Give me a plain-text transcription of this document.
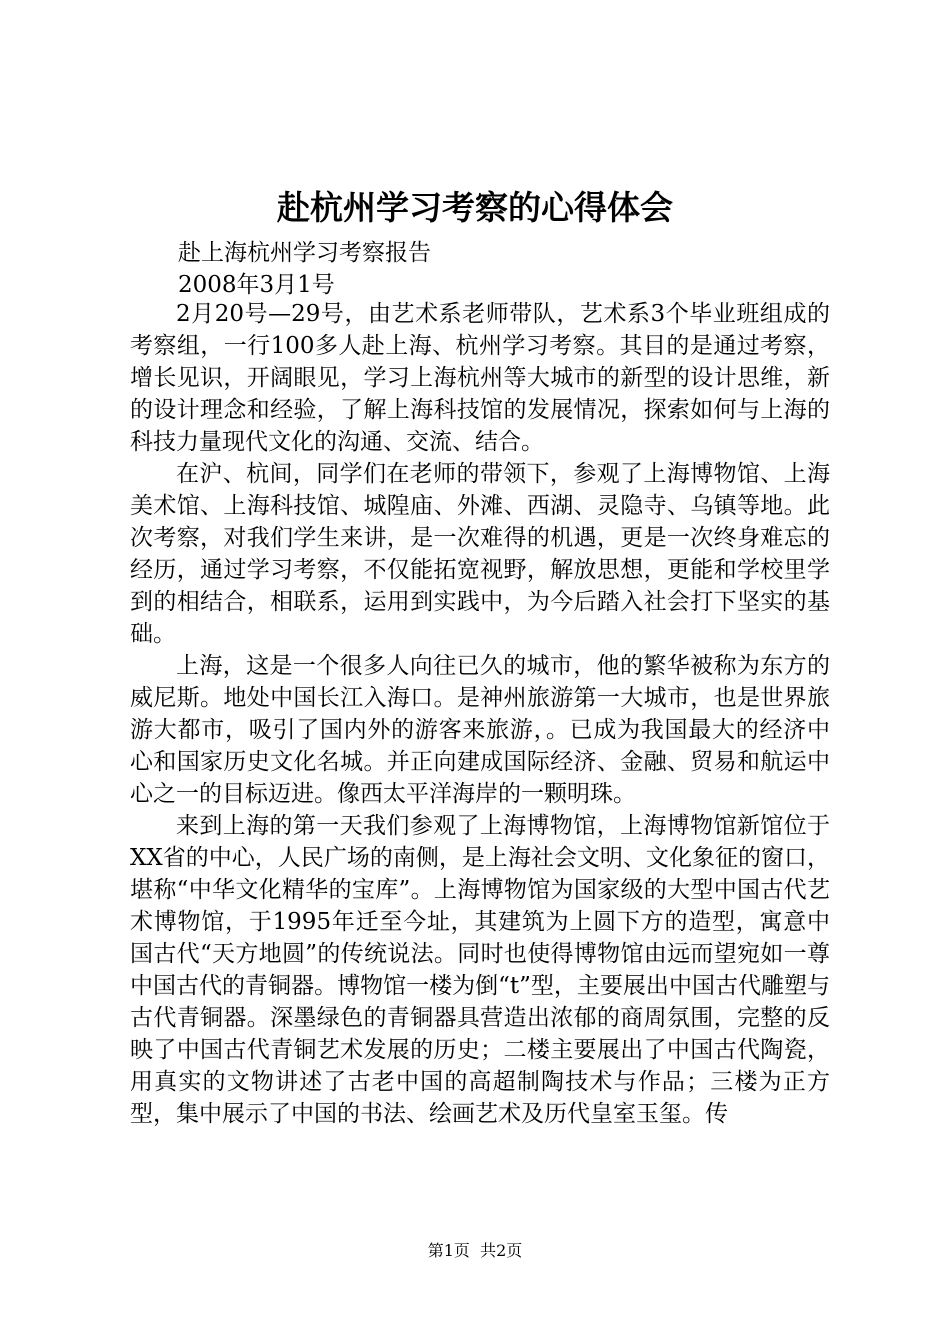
赴杭州学习考察的心得体会
赴上海杭州学习考察报告
2008年3月1号

2月20号—29号，由艺术系老师带队，艺术系3个毕业班组成的考察组，一行100多人赴上海、杭州学习考察。其目的是通过考察，增长见识，开阔眼见，学习上海杭州等大城市的新型的设计思维，新的设计理念和经验，了解上海科技馆的发展情况，探索如何与上海的科技力量现代文化的沟通、交流、结合。

在沪、杭间，同学们在老师的带领下，参观了上海博物馆、上海美术馆、上海科技馆、城隍庙、外滩、西湖、灵隐寺、乌镇等地。此次考察，对我们学生来讲，是一次难得的机遇，更是一次终身难忘的经历，通过学习考察，不仅能拓宽视野，解放思想，更能和学校里学到的相结合，相联系，运用到实践中，为今后踏入社会打下坚实的基础。

上海，这是一个很多人向往已久的城市，他的繁华被称为东方的威尼斯。地处中国长江入海口。是神州旅游第一大城市，也是世界旅游大都市，吸引了国内外的游客来旅游，。已成为我国最大的经济中心和国家历史文化名城。并正向建成国际经济、金融、贸易和航运中心之一的目标迈进。像西太平洋海岸的一颗明珠。

来到上海的第一天我们参观了上海博物馆，上海博物馆新馆位于XX省的中心，人民广场的南侧，是上海社会文明、文化象征的窗口，堪称“中华文化精华的宝库”。上海博物馆为国家级的大型中国古代艺术博物馆，于1995年迁至今址，其建筑为上圆下方的造型，寓意中国古代“天方地圆”的传统说法。同时也使得博物馆由远而望宛如一尊中国古代的青铜器。博物馆一楼为倒“t”型，主要展出中国古代雕塑与古代青铜器。深墨绿色的青铜器具营造出浓郁的商周氛围，完整的反映了中国古代青铜艺术发展的历史；二楼主要展出了中国古代陶瓷，用真实的文物讲述了古老中国的高超制陶技术与作品；三楼为正方型，集中展示了中国的书法、绘画艺术及历代皇室玉玺。传

第1页  共2页
